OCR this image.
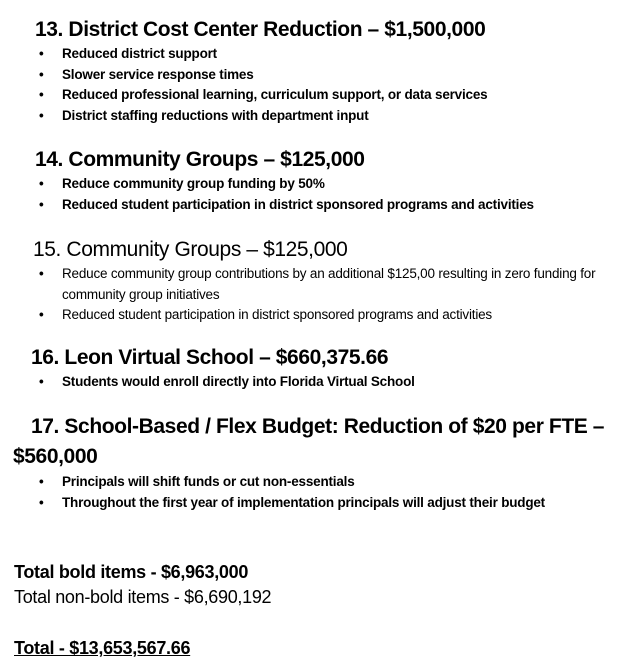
13. District Cost Center Reduction – $1,500,000
• Reduced district support
• Slower service response times
• Reduced professional learning, curriculum support, or data services
• District staffing reductions with department input
14. Community Groups – $125,000
• Reduce community group funding by 50%
• Reduced student participation in district sponsored programs and activities
15. Community Groups – $125,000
• Reduce community group contributions by an additional $125,00 resulting in zero funding for community group initiatives
• Reduced student participation in district sponsored programs and activities
16. Leon Virtual School – $660,375.66
• Students would enroll directly into Florida Virtual School
17. School-Based / Flex Budget: Reduction of $20 per FTE –
$560,000
• Principals will shift funds or cut non-essentials
• Throughout the first year of implementation principals will adjust their budget
Total bold items - $6,963,000
Total non-bold items - $6,690,192
Total - $13,653,567.66
